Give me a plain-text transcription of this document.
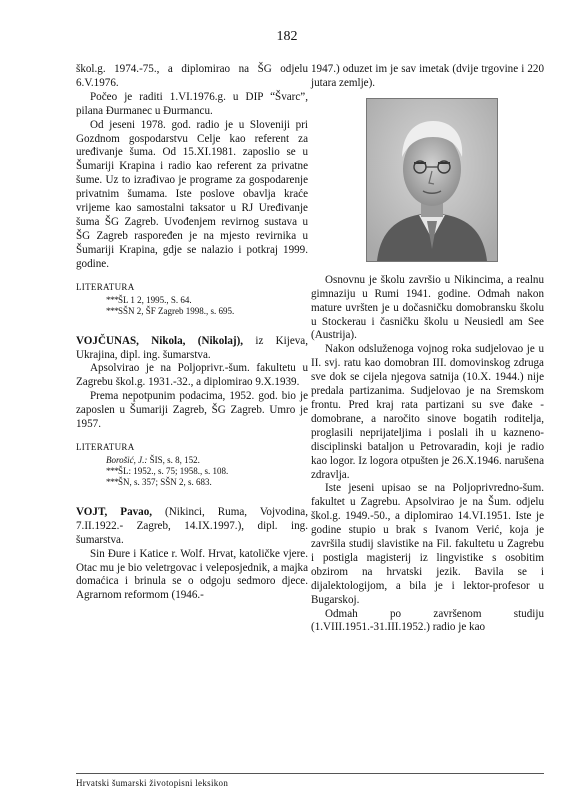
182

škol.g. 1974.-75., a diplomirao na ŠG odjelu 6.V.1976.

Počeo je raditi 1.VI.1976.g. u DIP “Švarc”, pilana Đurmanec u Đurmancu.

Od jeseni 1978. god. radio je u Sloveniji pri Gozdnom gospodarstvu Celje kao referent za uređivanje šuma. Od 15.XI.1981. zaposlio se u Šumariji Krapina i radio kao referent za privatne šume. Uz to izrađivao je programe za gospodarenje privatnim šumama. Iste poslove obavlja kraće vrijeme kao samostalni taksator u RJ Uređivanje šuma ŠG Zagreb. Uvođenjem revirnog sustava u ŠG Zagreb raspoređen je na mjesto revirnika u Šumariji Krapina, gdje se nalazio i potkraj 1999. godine.

LITERATURA

***ŠL 1 2, 1995., S. 64.

***SŠN 2, ŠF Zagreb 1998., s. 695.

VOJČUNAS, Nikola, (Nikolaj), iz Kijeva, Ukrajina, dipl. ing. šumarstva.

Apsolvirao je na Poljoprivr.-šum. fakultetu u Zagrebu škol.g. 1931.-32., a diplomirao 9.X.1939.

Prema nepotpunim podacima, 1952. god. bio je zaposlen u Šumariji Zagreb, ŠG Zagreb. Umro je 1957.

LITERATURA

Borošić, J.: ŠIS, s. 8, 152.

***ŠL: 1952., s. 75; 1958., s. 108.

***ŠN, s. 357; SŠN 2, s. 683.

VOJT, Pavao, (Nikinci, Ruma, Vojvodina, 7.II.1922.- Zagreb, 14.IX.1997.), dipl. ing. šumarstva.

Sin Đure i Katice r. Wolf. Hrvat, katoličke vjere. Otac mu je bio veletrgovac i veleposjednik, a majka domaćica i brinula se o odgoju sedmoro djece. Agrarnom reformom (1946.-

1947.) oduzet im je sav imetak (dvije trgovine i 220 jutara zemlje).

Osnovnu je školu završio u Nikincima, a realnu gimnaziju u Rumi 1941. godine. Odmah nakon mature uvršten je u dočasničku domobransku školu u Stockerau i časničku školu u Neusiedl am See (Austrija).

Nakon odsluženoga vojnog roka sudjelovao je u II. svj. ratu kao domobran III. domovinskog zdruga sve dok se cijela njegova satnija (10.X. 1944.) nije predala partizanima. Sudjelovao je na Sremskom frontu. Pred kraj rata partizani su sve đake - domobrane, a naročito sinove bogatih roditelja, proglasili neprijateljima i poslali ih u kazneno-disciplinski bataljon u Petrovaradin, koji je radio kao logor. Iz logora otpušten je 26.X.1946. narušena zdravlja.

Iste jeseni upisao se na Poljoprivredno-šum. fakultet u Zagrebu. Apsolvirao je na Šum. odjelu škol.g. 1949.-50., a diplomirao 14.VI.1951. Iste je godine stupio u brak s Ivanom Verić, koja je završila studij slavistike na Fil. fakultetu u Zagrebu i postigla magisterij iz lingvistike s osobitim obzirom na hrvatski jezik. Bavila se i dijalektologijom, a bila je i lektor-profesor u Bugarskoj.

Odmah po završenom studiju (1.VIII.1951.-31.III.1952.) radio je kao

Hrvatski šumarski životopisni leksikon
